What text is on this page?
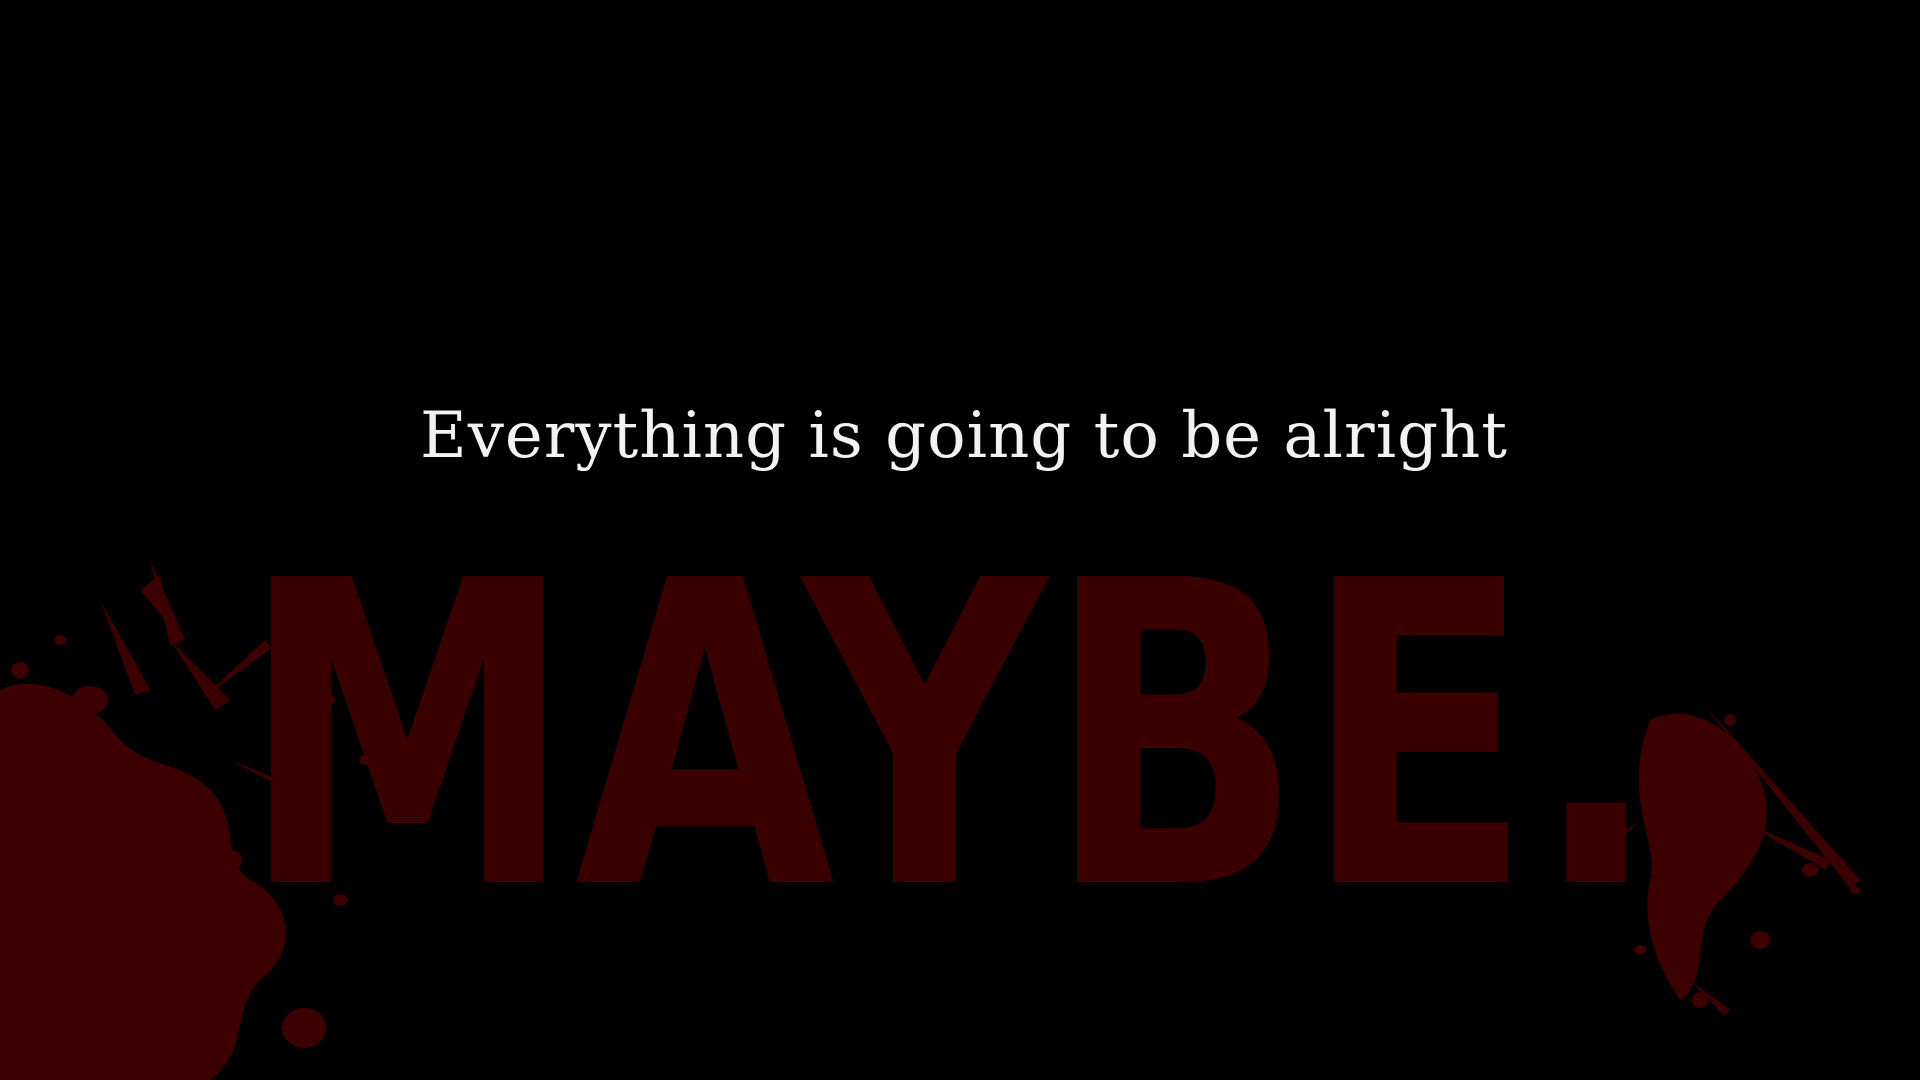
Everything is going to be alright

MAYBE.
